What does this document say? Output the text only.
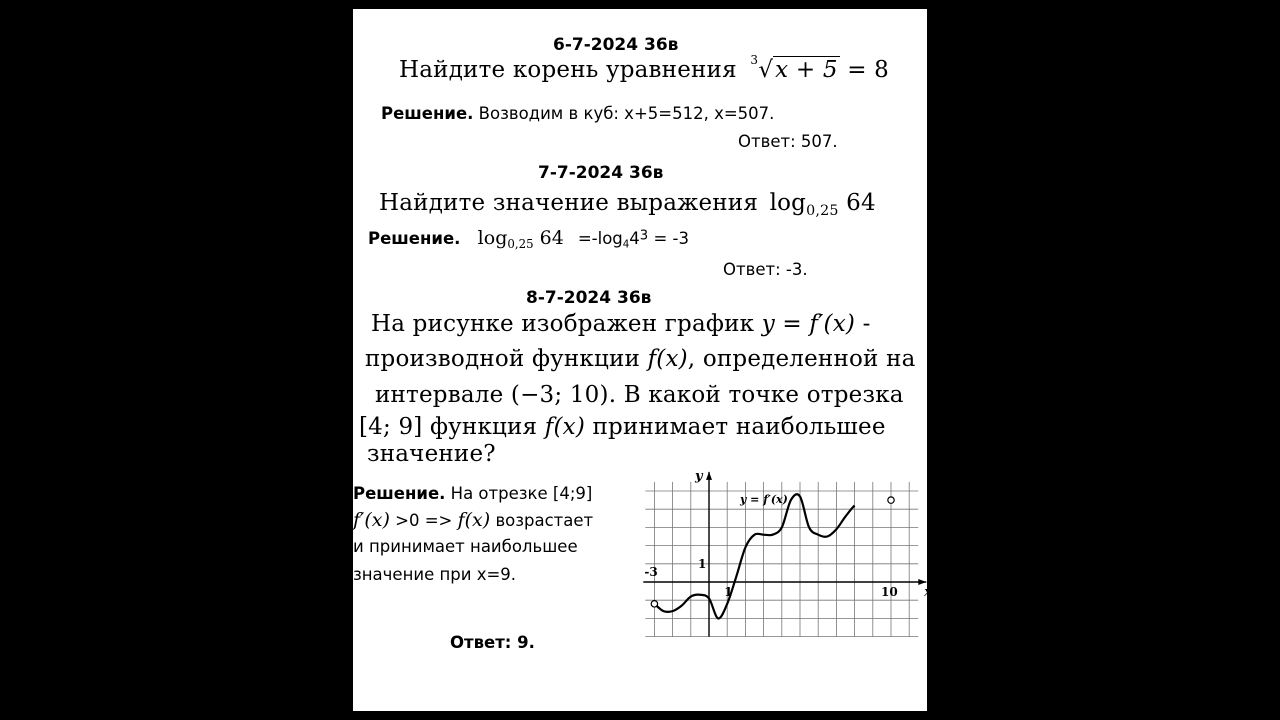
6-7-2024 36в
Найдите корень уравнения 3 √x + 5 = 8
Решение. Возводим в куб: x+5=512, x=507.
Ответ: 507.
7-7-2024 36в
Найдите значение выражения $\log_{0,25} 64$
Решение. $\log_{0,25} 64 =-\log_44^3 = -3$
Ответ: -3.
8-7-2024 36в
На рисунке изображен график y = f′(x) -
производной функции f(x), определенной на
интервале (−3; 10). В какой точке отрезка
[4; 9] функция f(x) принимает наибольшее
значение?
Решение. На отрезке [4;9]
f′(x) >0 => f(x) возрастает
и принимает наибольшее
значение при x=9.
Ответ: 9.
-3
1
1	10 x
y
y = f′(x)
